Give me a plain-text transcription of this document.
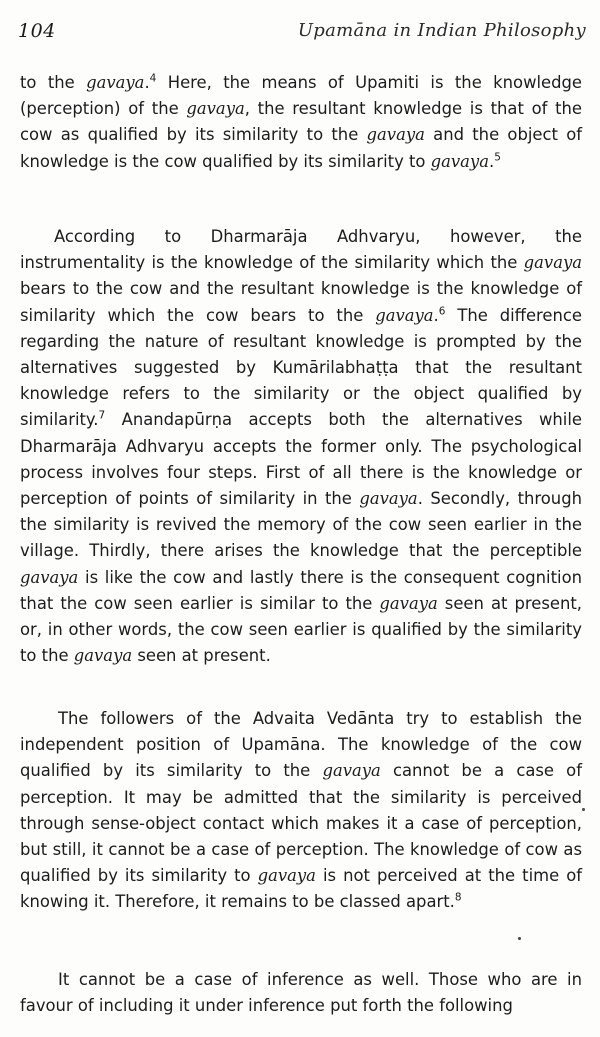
104	Upamāna in Indian Philosophy

to the gavaya.$^4$ Here, the means of Upamiti is the knowledge (perception) of the gavaya, the resultant knowledge is that of the cow as qualified by its similarity to the gavaya and the object of knowledge is the cow qualified by its similarity to gavaya.$^5$

According to Dharmarāja Adhvaryu, however, the instrumentality is the knowledge of the similarity which the gavaya bears to the cow and the resultant knowledge is the knowledge of similarity which the cow bears to the gavaya.$^6$ The difference regarding the nature of resultant knowledge is prompted by the alternatives suggested by Kumārilabhaṭṭa that the resultant knowledge refers to the similarity or the object qualified by similarity.$^7$ Anandapūrṇa accepts both the alternatives while Dharmarāja Adhvaryu accepts the former only. The psychological process involves four steps. First of all there is the knowledge or perception of points of similarity in the gavaya. Secondly, through the similarity is revived the memory of the cow seen earlier in the village. Thirdly, there arises the knowledge that the perceptible gavaya is like the cow and lastly there is the consequent cognition that the cow seen earlier is similar to the gavaya seen at present, or, in other words, the cow seen earlier is qualified by the similarity to the gavaya seen at present.

The followers of the Advaita Vedānta try to establish the independent position of Upamāna. The knowledge of the cow qualified by its similarity to the gavaya cannot be a case of perception. It may be admitted that the similarity is perceived through sense-object contact which makes it a case of perception, but still, it cannot be a case of perception. The knowledge of cow as qualified by its similarity to gavaya is not perceived at the time of knowing it. Therefore, it remains to be classed apart.$^8$

It cannot be a case of inference as well. Those who are in favour of including it under inference put forth the following
